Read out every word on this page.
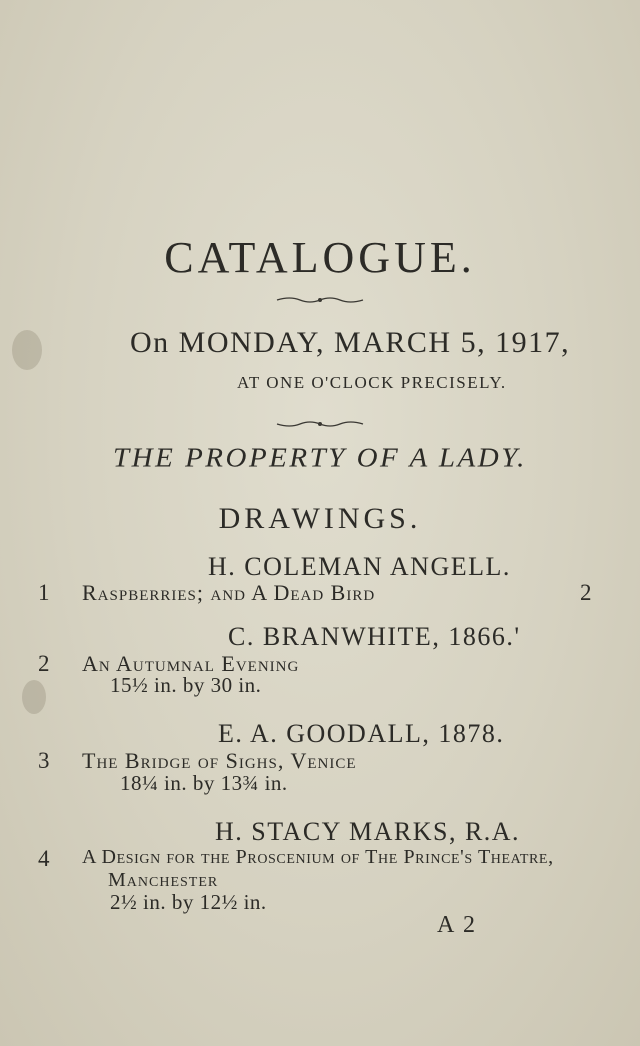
CATALOGUE.
On MONDAY, MARCH 5, 1917,
AT ONE O'CLOCK PRECISELY.
THE PROPERTY OF A LADY.
DRAWINGS.
H. COLEMAN ANGELL.
1 Raspberries; and A Dead Bird	2
C. BRANWHITE, 1866.'
2 An Autumnal Evening
15½ in. by 30 in.
E. A. GOODALL, 1878.
3 The Bridge of Sighs, Venice
18¼ in. by 13¾ in.
H. STACY MARKS, R.A.
4 A Design for the Proscenium of The Prince's Theatre,
Manchester
2½ in. by 12½ in.
A 2
